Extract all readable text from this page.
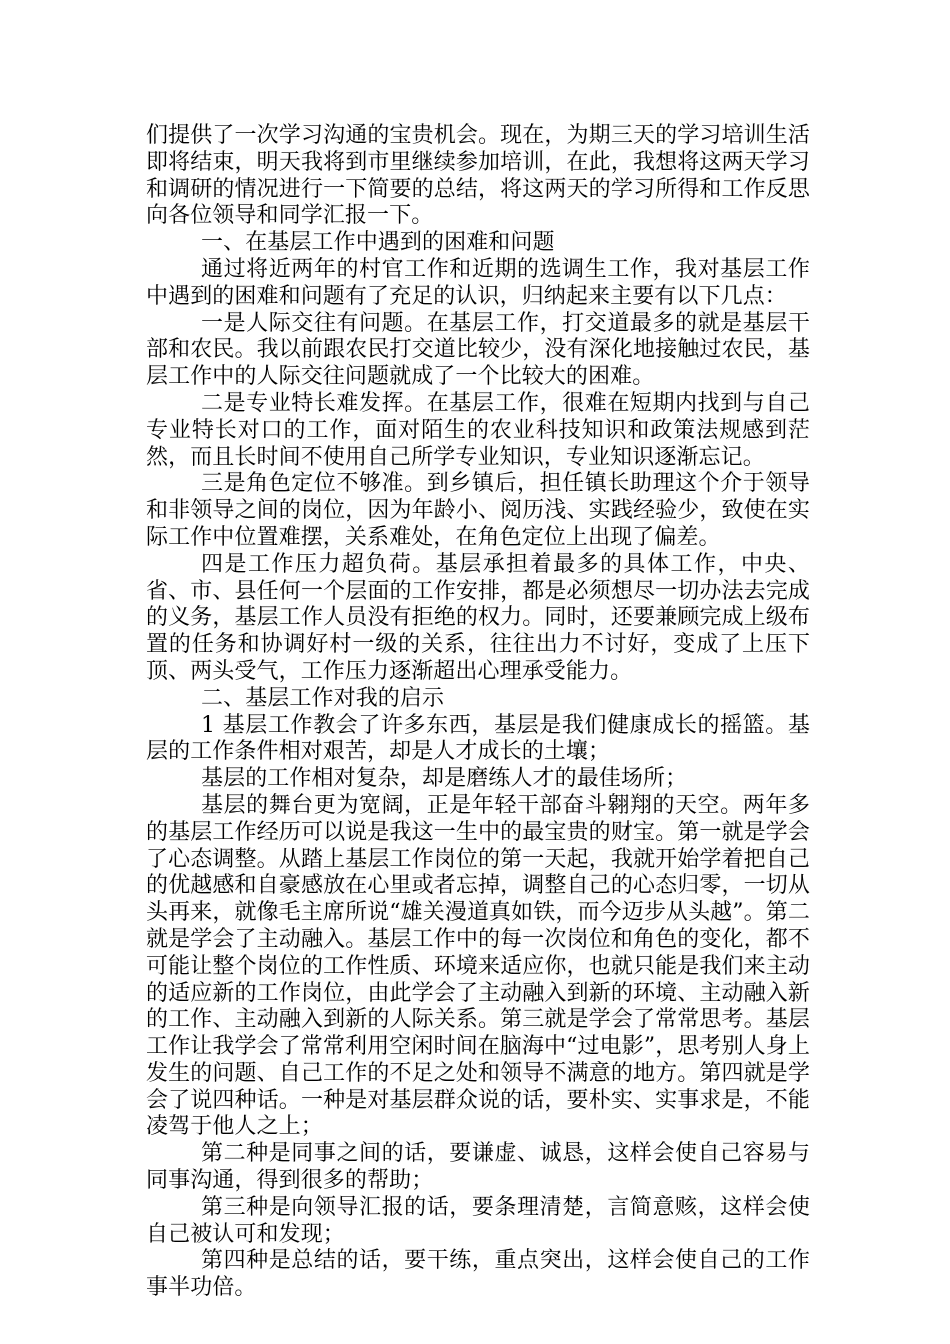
们提供了一次学习沟通的宝贵机会。现在，为期三天的学习培训生活即将结束，明天我将到市里继续参加培训，在此，我想将这两天学习和调研的情况进行一下简要的总结，将这两天的学习所得和工作反思向各位领导和同学汇报一下。

一、在基层工作中遇到的困难和问题

通过将近两年的村官工作和近期的选调生工作，我对基层工作中遇到的困难和问题有了充足的认识，归纳起来主要有以下几点：

一是人际交往有问题。在基层工作，打交道最多的就是基层干部和农民。我以前跟农民打交道比较少，没有深化地接触过农民，基层工作中的人际交往问题就成了一个比较大的困难。

二是专业特长难发挥。在基层工作，很难在短期内找到与自己专业特长对口的工作，面对陌生的农业科技知识和政策法规感到茫然，而且长时间不使用自己所学专业知识，专业知识逐渐忘记。

三是角色定位不够准。到乡镇后，担任镇长助理这个介于领导和非领导之间的岗位，因为年龄小、阅历浅、实践经验少，致使在实际工作中位置难摆，关系难处，在角色定位上出现了偏差。

四是工作压力超负荷。基层承担着最多的具体工作，中央、省、市、县任何一个层面的工作安排，都是必须想尽一切办法去完成的义务，基层工作人员没有拒绝的权力。同时，还要兼顾完成上级布置的任务和协调好村一级的关系，往往出力不讨好，变成了上压下顶、两头受气，工作压力逐渐超出心理承受能力。

二、基层工作对我的启示

1 基层工作教会了许多东西，基层是我们健康成长的摇篮。基层的工作条件相对艰苦，却是人才成长的土壤；

基层的工作相对复杂，却是磨练人才的最佳场所；

基层的舞台更为宽阔，正是年轻干部奋斗翱翔的天空。两年多的基层工作经历可以说是我这一生中的最宝贵的财宝。第一就是学会了心态调整。从踏上基层工作岗位的第一天起，我就开始学着把自己的优越感和自豪感放在心里或者忘掉，调整自己的心态归零，一切从头再来，就像毛主席所说“雄关漫道真如铁，而今迈步从头越”。第二就是学会了主动融入。基层工作中的每一次岗位和角色的变化，都不可能让整个岗位的工作性质、环境来适应你，也就只能是我们来主动的适应新的工作岗位，由此学会了主动融入到新的环境、主动融入新的工作、主动融入到新的人际关系。第三就是学会了常常思考。基层工作让我学会了常常利用空闲时间在脑海中“过电影”，思考别人身上发生的问题、自己工作的不足之处和领导不满意的地方。第四就是学会了说四种话。一种是对基层群众说的话，要朴实、实事求是，不能凌驾于他人之上；

第二种是同事之间的话，要谦虚、诚恳，这样会使自己容易与同事沟通，得到很多的帮助；

第三种是向领导汇报的话，要条理清楚，言简意赅，这样会使自己被认可和发现；

第四种是总结的话，要干练，重点突出，这样会使自己的工作事半功倍。
